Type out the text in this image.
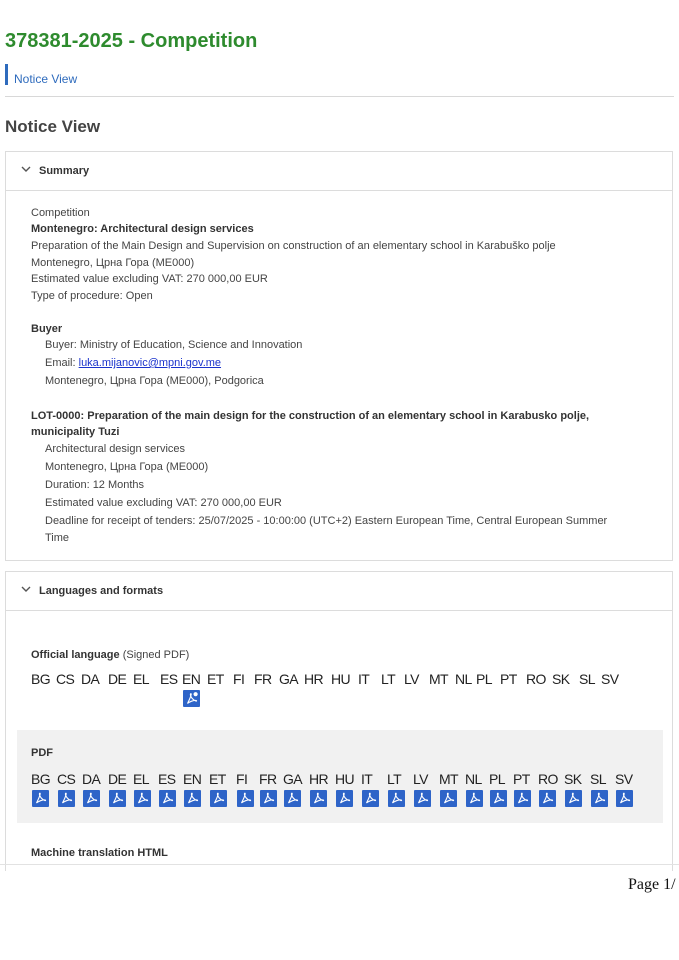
378381-2025 - Competition
Notice View
Notice View
Summary
Competition
Montenegro: Architectural design services
Preparation of the Main Design and Supervision on construction of an elementary school in Karabuško polje
Montenegro, Црна Гора (ME000)
Estimated value excluding VAT: 270 000,00 EUR
Type of procedure: Open
Buyer
Buyer: Ministry of Education, Science and Innovation
Email: luka.mijanovic@mpni.gov.me
Montenegro, Црна Гора (ME000), Podgorica
LOT-0000: Preparation of the main design for the construction of an elementary school in Karabusko polje,
municipality Tuzi
Architectural design services
Montenegro, Црна Гора (ME000)
Duration: 12 Months
Estimated value excluding VAT: 270 000,00 EUR
Deadline for receipt of tenders: 25/07/2025 - 10:00:00 (UTC+2) Eastern European Time, Central European Summer
Time
Languages and formats
Official language (Signed PDF)
BG CS DA DE EL ES EN ET FI FR GA HR HU IT LT LV MT NL PL PT RO SK SL SV
PDF
BG CS DA DE EL ES EN ET FI FR GA HR HU IT LT LV MT NL PL PT RO SK SL SV
Machine translation HTML
Page 1/
